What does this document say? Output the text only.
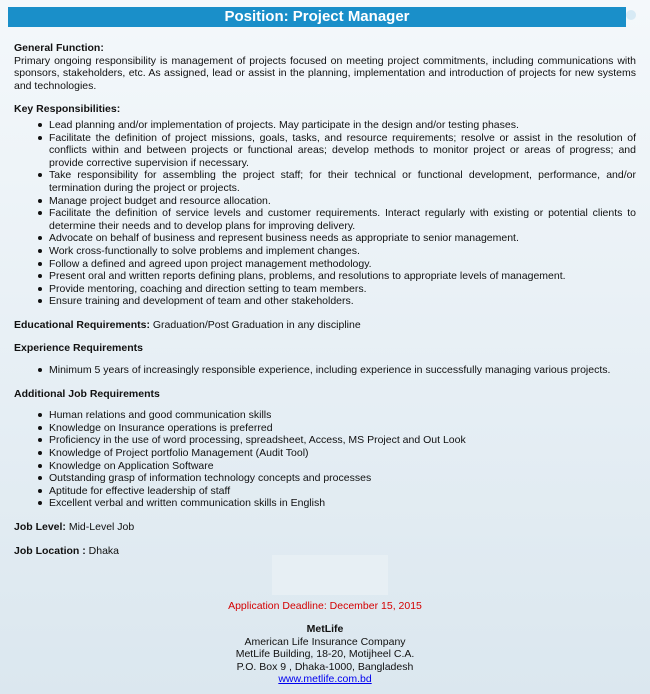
Position: Project Manager

General Function:

Primary ongoing responsibility is management of projects focused on meeting project commitments, including communications with sponsors, stakeholders, etc. As assigned, lead or assist in the planning, implementation and introduction of projects for new systems and technologies.

Key Responsibilities:

Lead planning and/or implementation of projects. May participate in the design and/or testing phases.
Facilitate the definition of project missions, goals, tasks, and resource requirements; resolve or assist in the resolution of conflicts within and between projects or functional areas; develop methods to monitor project or areas of progress; and provide corrective supervision if necessary.
Take responsibility for assembling the project staff; for their technical or functional development, performance, and/or termination during the project or projects.
Manage project budget and resource allocation.
Facilitate the definition of service levels and customer requirements. Interact regularly with existing or potential clients to determine their needs and to develop plans for improving delivery.
Advocate on behalf of business and represent business needs as appropriate to senior management.
Work cross-functionally to solve problems and implement changes.
Follow a defined and agreed upon project management methodology.
Present oral and written reports defining plans, problems, and resolutions to appropriate levels of management.
Provide mentoring, coaching and direction setting to team members.
Ensure training and development of team and other stakeholders.

Educational Requirements: Graduation/Post Graduation in any discipline

Experience Requirements

Minimum 5 years of increasingly responsible experience, including experience in successfully managing various projects.

Additional Job Requirements

Human relations and good communication skills
Knowledge on Insurance operations is preferred
Proficiency in the use of word processing, spreadsheet, Access, MS Project and Out Look
Knowledge of Project portfolio Management (Audit Tool)
Knowledge on Application Software
Outstanding grasp of information technology concepts and processes
Aptitude for effective leadership of staff
Excellent verbal and written communication skills in English

Job Level: Mid-Level Job

Job Location : Dhaka

Application Deadline: December 15, 2015
MetLife
American Life Insurance Company
MetLife Building, 18-20, Motijheel C.A.
P.O. Box 9 , Dhaka-1000, Bangladesh
www.metlife.com.bd
